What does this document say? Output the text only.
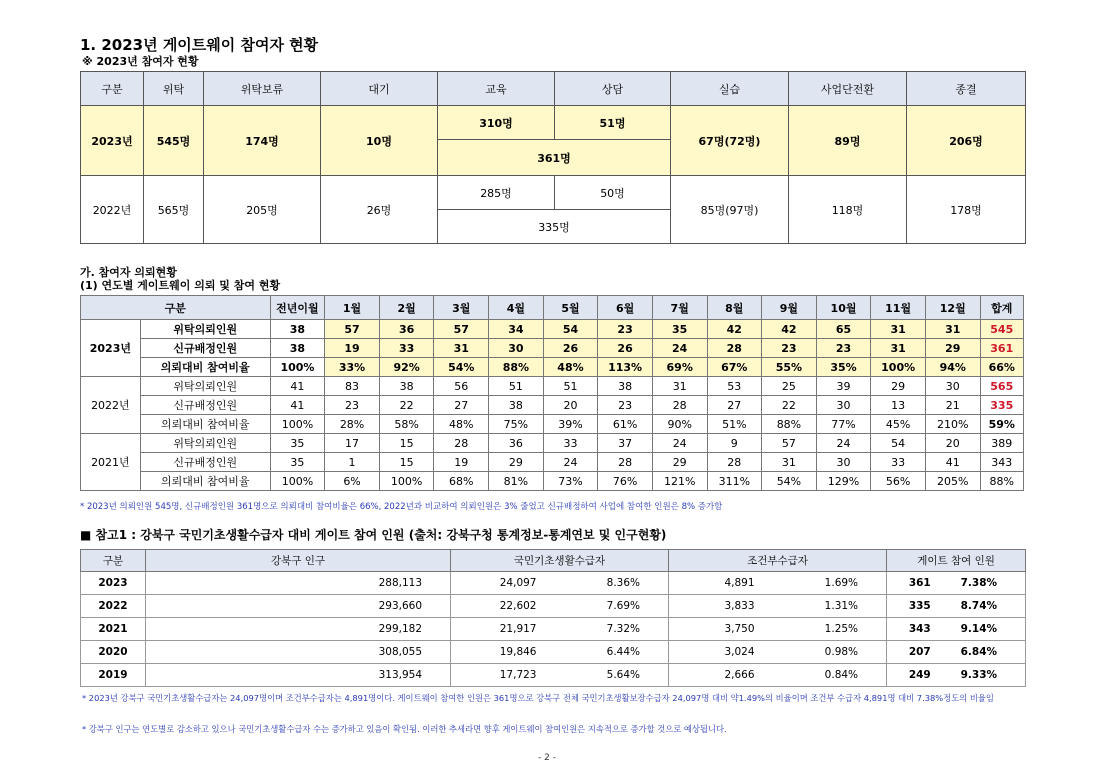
1. 2023년 게이트웨이 참여자 현황
※ 2023년 참여자 현황
구분	위탁	위탁보류	대기	교육	상담	실습	사업단전환	종결
2023년	545명	174명	10명	310명	51명	67명(72명)	89명	206명
				361명				
2022년	565명	205명	26명	285명	50명	85명(97명)	118명	178명
				335명				
가. 참여자 의뢰현황
(1) 연도별 게이트웨이 의뢰 및 참여 현황
구분		전년이월	1월	2월	3월	4월	5월	6월	7월	8월	9월	10월	11월	12월	합계
2023년	위탁의뢰인원	38	57	36	57	34	54	23	35	42	42	65	31	31	545
	신규배정인원	38	19	33	31	30	26	26	24	28	23	23	31	29	361
	의뢰대비 참여비율	100%	33%	92%	54%	88%	48%	113%	69%	67%	55%	35%	100%	94%	66%
2022년	위탁의뢰인원	41	83	38	56	51	51	38	31	53	25	39	29	30	565
	신규배정인원	41	23	22	27	38	20	23	28	27	22	30	13	21	335
	의뢰대비 참여비율	100%	28%	58%	48%	75%	39%	61%	90%	51%	88%	77%	45%	210%	59%
2021년	위탁의뢰인원	35	17	15	28	36	33	37	24	9	57	24	54	20	389
	신규배정인원	35	1	15	19	29	24	28	29	28	31	30	33	41	343
	의뢰대비 참여비율	100%	6%	100%	68%	81%	73%	76%	121%	311%	54%	129%	56%	205%	88%
* 2023년 의뢰인원 545명, 신규배정인원 361명으로 의뢰대비 참여비율은 66%, 2022년과 비교하여 의뢰인원은 3% 줄었고 신규배정하여 사업에 참여한 인원은 8% 증가함
■ 참고1 : 강북구 국민기초생활수급자 대비 게이트 참여 인원 (출처: 강북구청 통계정보-통계연보 및 인구현황)
구분	강북구 인구	국민기초생활수급자		조건부수급자		게이트 참여 인원	
2023	288,113	24,097	8.36%	4,891	1.69%	361	7.38%
2022	293,660	22,602	7.69%	3,833	1.31%	335	8.74%
2021	299,182	21,917	7.32%	3,750	1.25%	343	9.14%
2020	308,055	19,846	6.44%	3,024	0.98%	207	6.84%
2019	313,954	17,723	5.64%	2,666	0.84%	249	9.33%
* 2023년 강북구 국민기초생활수급자는 24,097명이며 조건부수급자는 4,891명이다. 게이트웨이 참여한 인원은 361명으로 강북구 전체 국민기초생활보장수급자 24,097명 대비 약1.49%의 비율이며 조건부 수급자 4,891명 대비 7.38%정도의 비율임
* 강북구 인구는 연도별로 감소하고 있으나 국민기초생활수급자 수는 증가하고 있음이 확인됨. 이러한 추세라면 향후 게이트웨이 참여인원은 지속적으로 증가할 것으로 예상됩니다.
- 2 -
